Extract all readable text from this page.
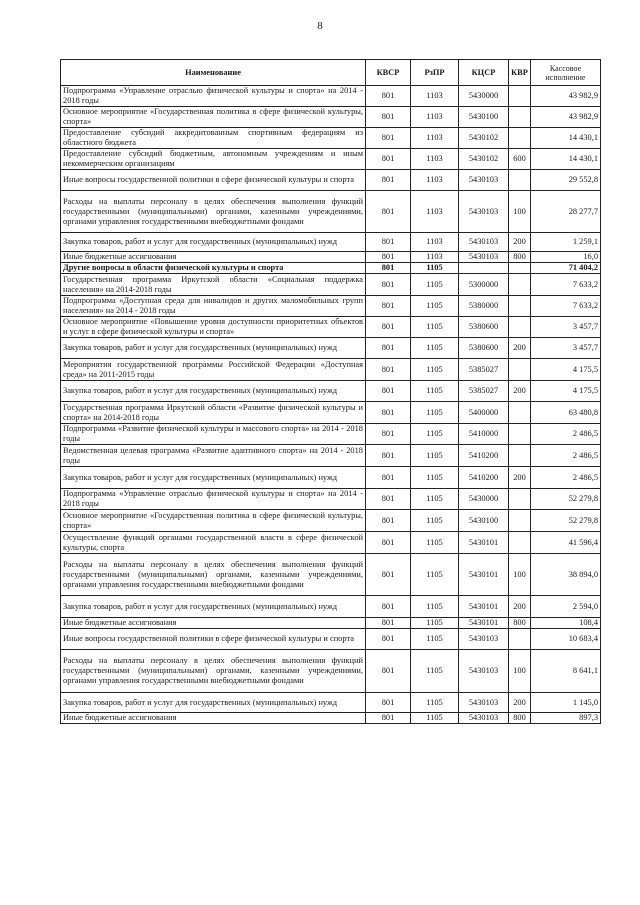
8
Наименование	КВСР	РзПР	КЦСР	КВР	Кассовое исполнение
Подпрограмма «Управление отраслью физической культуры и спорта» на 2014 - 2018 годы	801	1103	5430000		43 982,9
Основное мероприятие «Государственная политика в сфере физической культуры, спорта»	801	1103	5430100		43 982,9
Предоставление субсидий аккредитованным спортивным федерациям из областного бюджета	801	1103	5430102		14 430,1
Предоставление субсидий бюджетным, автономным учреждениям и иным некоммерческим организациям	801	1103	5430102	600	14 430,1
Иные вопросы государственной политики в сфере физической культуры и спорта	801	1103	5430103		29 552,8
Расходы на выплаты персоналу в целях обеспечения выполнения функций государственными (муниципальными) органами, казенными учреждениями, органами управления государственными внебюджетными фондами	801	1103	5430103	100	28 277,7
Закупка товаров, работ и услуг для государственных (муниципальных) нужд	801	1103	5430103	200	1 259,1
Иные бюджетные ассигнования	801	1103	5430103	800	16,0
Другие вопросы в области физической культуры и спорта	801	1105			71 404,2
Государственная программа Иркутской области «Социальная поддержка населения» на 2014-2018 годы	801	1105	5300000		7 633,2
Подпрограмма «Доступная среда для инвалидов и других маломобильных групп населения» на 2014 - 2018 годы	801	1105	5380000		7 633,2
Основное мероприятие «Повышение уровня доступности приоритетных объектов и услуг в сфере физической культуры и спорта»	801	1105	5380600		3 457,7
Закупка товаров, работ и услуг для государственных (муниципальных) нужд	801	1105	5380600	200	3 457,7
Мероприятия государственной программы Российской Федерации «Доступная среда» на 2011-2015 годы	801	1105	5385027		4 175,5
Закупка товаров, работ и услуг для государственных (муниципальных) нужд	801	1105	5385027	200	4 175,5
Государственная программа Иркутской области «Развитие физической культуры и спорта» на 2014-2018 годы	801	1105	5400000		63 480,8
Подпрограмма «Развитие физической культуры и массового спорта» на 2014 - 2018 годы	801	1105	5410000		2 486,5
Ведомственная целевая программа «Развитие адаптивного спорта» на 2014 - 2018 годы	801	1105	5410200		2 486,5
Закупка товаров, работ и услуг для государственных (муниципальных) нужд	801	1105	5410200	200	2 486,5
Подпрограмма «Управление отраслью физической культуры и спорта» на 2014 - 2018 годы	801	1105	5430000		52 279,8
Основное мероприятие «Государственная политика в сфере физической культуры, спорта»	801	1105	5430100		52 279,8
Осуществление функций органами государственной власти в сфере физической культуры, спорта	801	1105	5430101		41 596,4
Расходы на выплаты персоналу в целях обеспечения выполнения функций государственными (муниципальными) органами, казенными учреждениями, органами управления государственными внебюджетными фондами	801	1105	5430101	100	38 894,0
Закупка товаров, работ и услуг для государственных (муниципальных) нужд	801	1105	5430101	200	2 594,0
Иные бюджетные ассигнования	801	1105	5430101	800	108,4
Иные вопросы государственной политики в сфере физической культуры и спорта	801	1105	5430103		10 683,4
Расходы на выплаты персоналу в целях обеспечения выполнения функций государственными (муниципальными) органами, казенными учреждениями, органами управления государственными внебюджетными фондами	801	1105	5430103	100	8 641,1
Закупка товаров, работ и услуг для государственных (муниципальных) нужд	801	1105	5430103	200	1 145,0
Иные бюджетные ассигнования	801	1105	5430103	800	897,3
